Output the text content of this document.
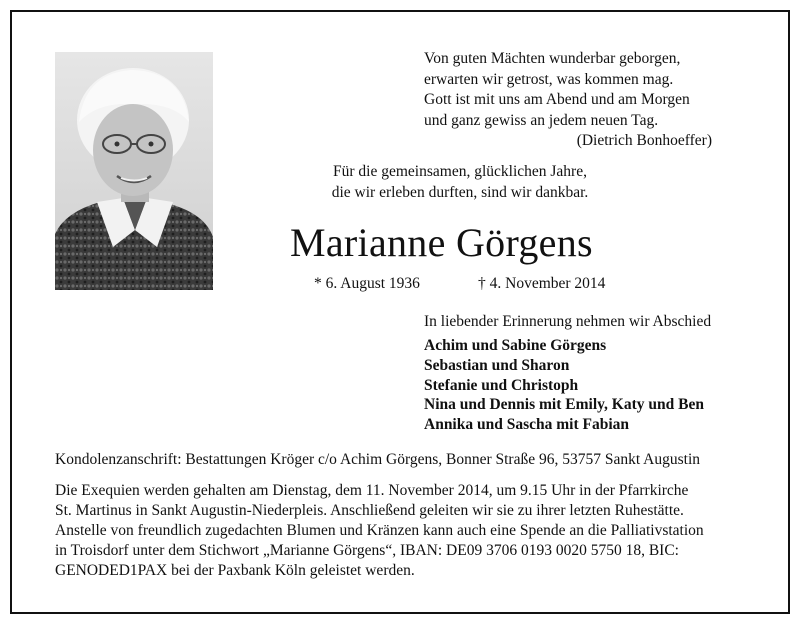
Von guten Mächten wunderbar geborgen,
erwarten wir getrost, was kommen mag.
Gott ist mit uns am Abend und am Morgen
und ganz gewiss an jedem neuen Tag.
(Dietrich Bonhoeffer)
Für die gemeinsamen, glücklichen Jahre,
die wir erleben durften, sind wir dankbar.
Marianne Görgens
* 6. August 1936	† 4. November 2014
In liebender Erinnerung nehmen wir Abschied
Achim und Sabine Görgens
Sebastian und Sharon
Stefanie und Christoph
Nina und Dennis mit Emily, Katy und Ben
Annika und Sascha mit Fabian
Kondolenzanschrift: Bestattungen Kröger c/o Achim Görgens, Bonner Straße 96, 53757 Sankt Augustin
Die Exequien werden gehalten am Dienstag, dem 11. November 2014, um 9.15 Uhr in der Pfarrkirche
St. Martinus in Sankt Augustin-Niederpleis. Anschließend geleiten wir sie zu ihrer letzten Ruhestätte.
Anstelle von freundlich zugedachten Blumen und Kränzen kann auch eine Spende an die Palliativstation
in Troisdorf unter dem Stichwort „Marianne Görgens“, IBAN: DE09 3706 0193 0020 5750 18, BIC:
GENODED1PAX bei der Paxbank Köln geleistet werden.
